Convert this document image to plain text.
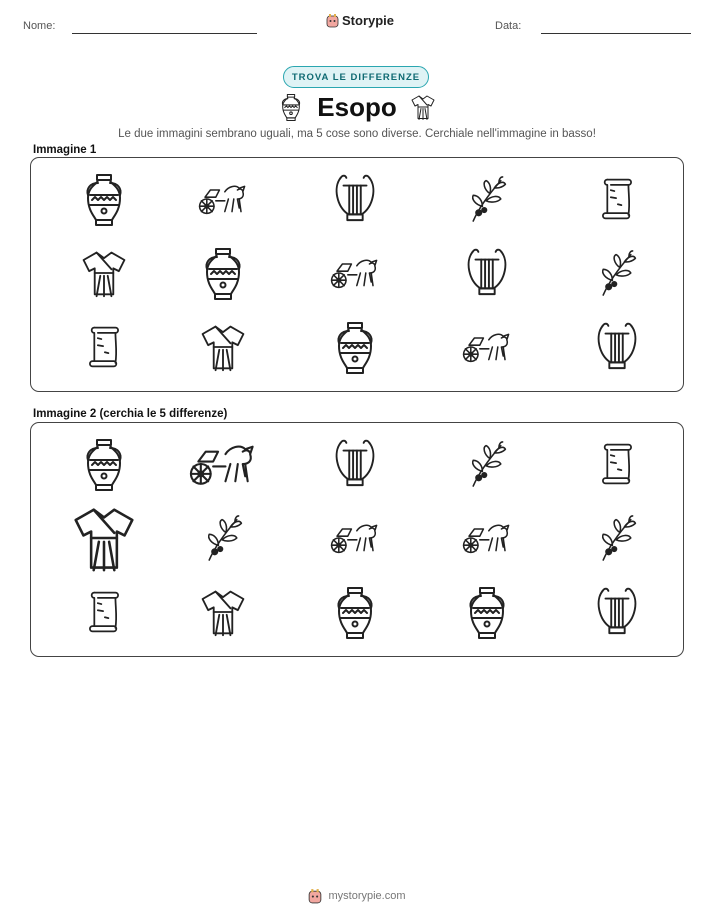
Nome:	Storypie	Data:
TROVA LE DIFFERENZE
Esopo
Le due immagini sembrano uguali, ma 5 cose sono diverse. Cerchiale nell'immagine in basso!
Immagine 1
Immagine 2 (cerchia le 5 differenze)
mystorypie.com
